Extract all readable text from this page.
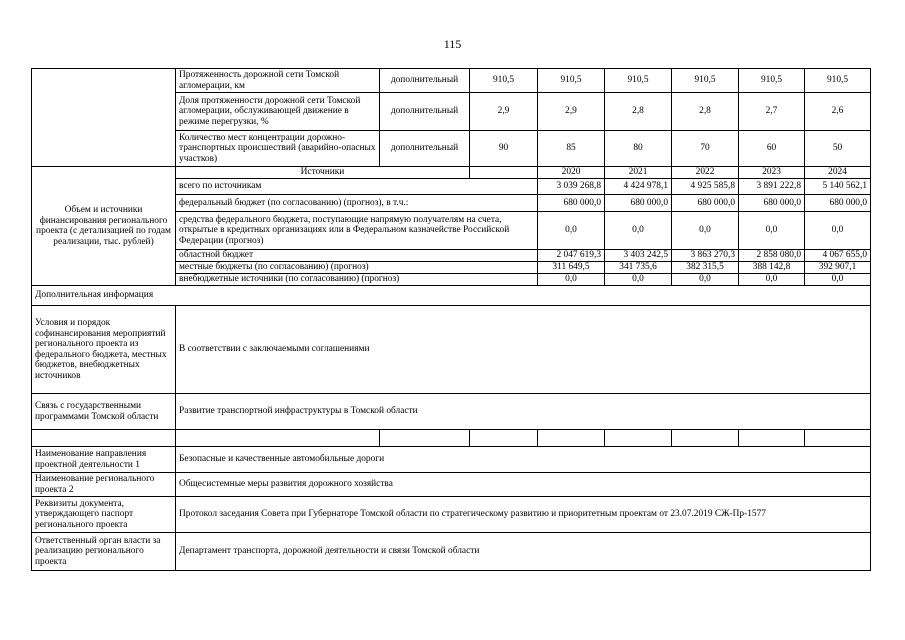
115
	Протяженность дорожной сети Томской агломерации, км	дополнительный	910,5	910,5	910,5	910,5	910,5	910,5
	Доля протяженности дорожной сети Томской агломерации, обслуживающей движение в режиме перегрузки, %	дополнительный	2,9	2,9	2,8	2,8	2,7	2,6
	Количество мест концентрации дорожно-транспортных происшествий (аварийно-опасных участков)	дополнительный	90	85	80	70	60	50
Объем и источники финансирования регионального проекта (с детализацией по годам реализации, тыс. рублей)	Источники			2020	2021	2022	2023	2024
	всего по источникам			3 039 268,8	4 424 978,1	4 925 585,8	3 891 222,8	5 140 562,1
	федеральный бюджет (по согласованию) (прогноз), в т.ч.:			680 000,0	680 000,0	680 000,0	680 000,0	680 000,0
	средства федерального бюджета, поступающие напрямую получателям на счета, открытые в кредитных организациях или в Федеральном казначействе Российской Федерации (прогноз)			0,0	0,0	0,0	0,0	0,0
	областной бюджет			2 047 619,3	3 403 242,5	3 863 270,3	2 858 080,0	4 067 655,0
	местные бюджеты (по согласованию) (прогноз)			311 649,5	341 735,6	382 315,5	388 142,8	392 907,1
	внебюджетные источники (по согласованию) (прогноз)			0,0	0,0	0,0	0,0	0,0
Дополнительная информация								
Условия и порядок софинансирования мероприятий регионального проекта из федерального бюджета, местных бюджетов, внебюджетных источников	В соответствии с заключаемыми соглашениями							
Связь с государственными программами Томской области	Развитие транспортной инфраструктуры в Томской области							

Наименование направления проектной деятельности 1	Безопасные и качественные автомобильные дороги							
Наименование регионального проекта 2	Общесистемные меры развития дорожного хозяйства							
Реквизиты документа, утверждающего паспорт регионального проекта	Протокол заседания Совета при Губернаторе Томской области по стратегическому развитию и приоритетным проектам от 23.07.2019 СЖ-Пр-1577							
Ответственный орган власти за реализацию регионального проекта	Департамент транспорта, дорожной деятельности и связи Томской области							
